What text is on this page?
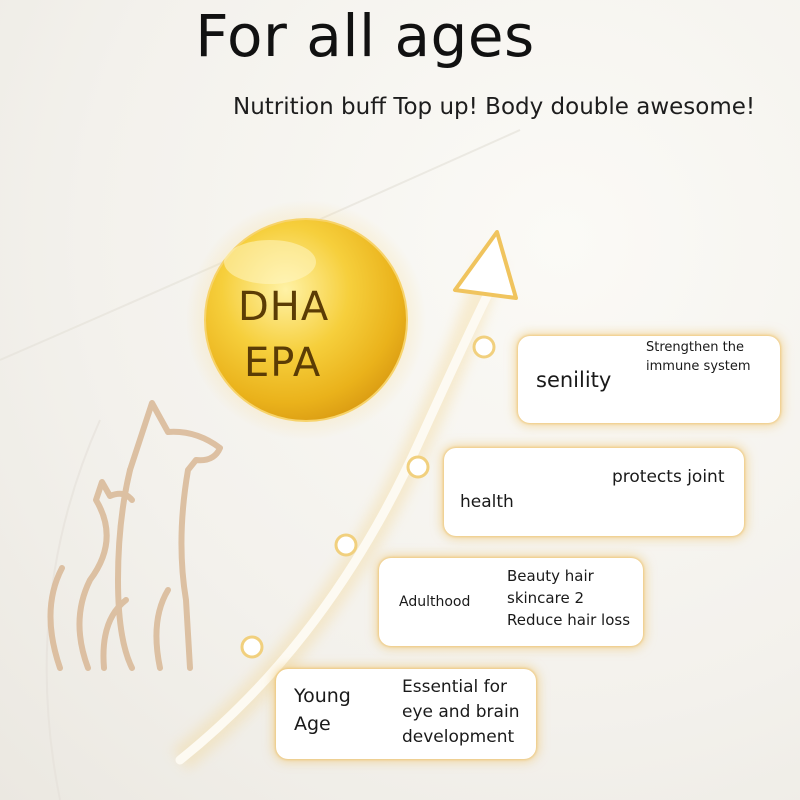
For all ages
Nutrition buff Top up! Body double awesome!
DHA
EPA	senility
Strengthen the
immune system
protects joint
health
Adulthood
Beauty hair
skincare 2
Reduce hair loss
Young
Age
Essential for
eye and brain
development
